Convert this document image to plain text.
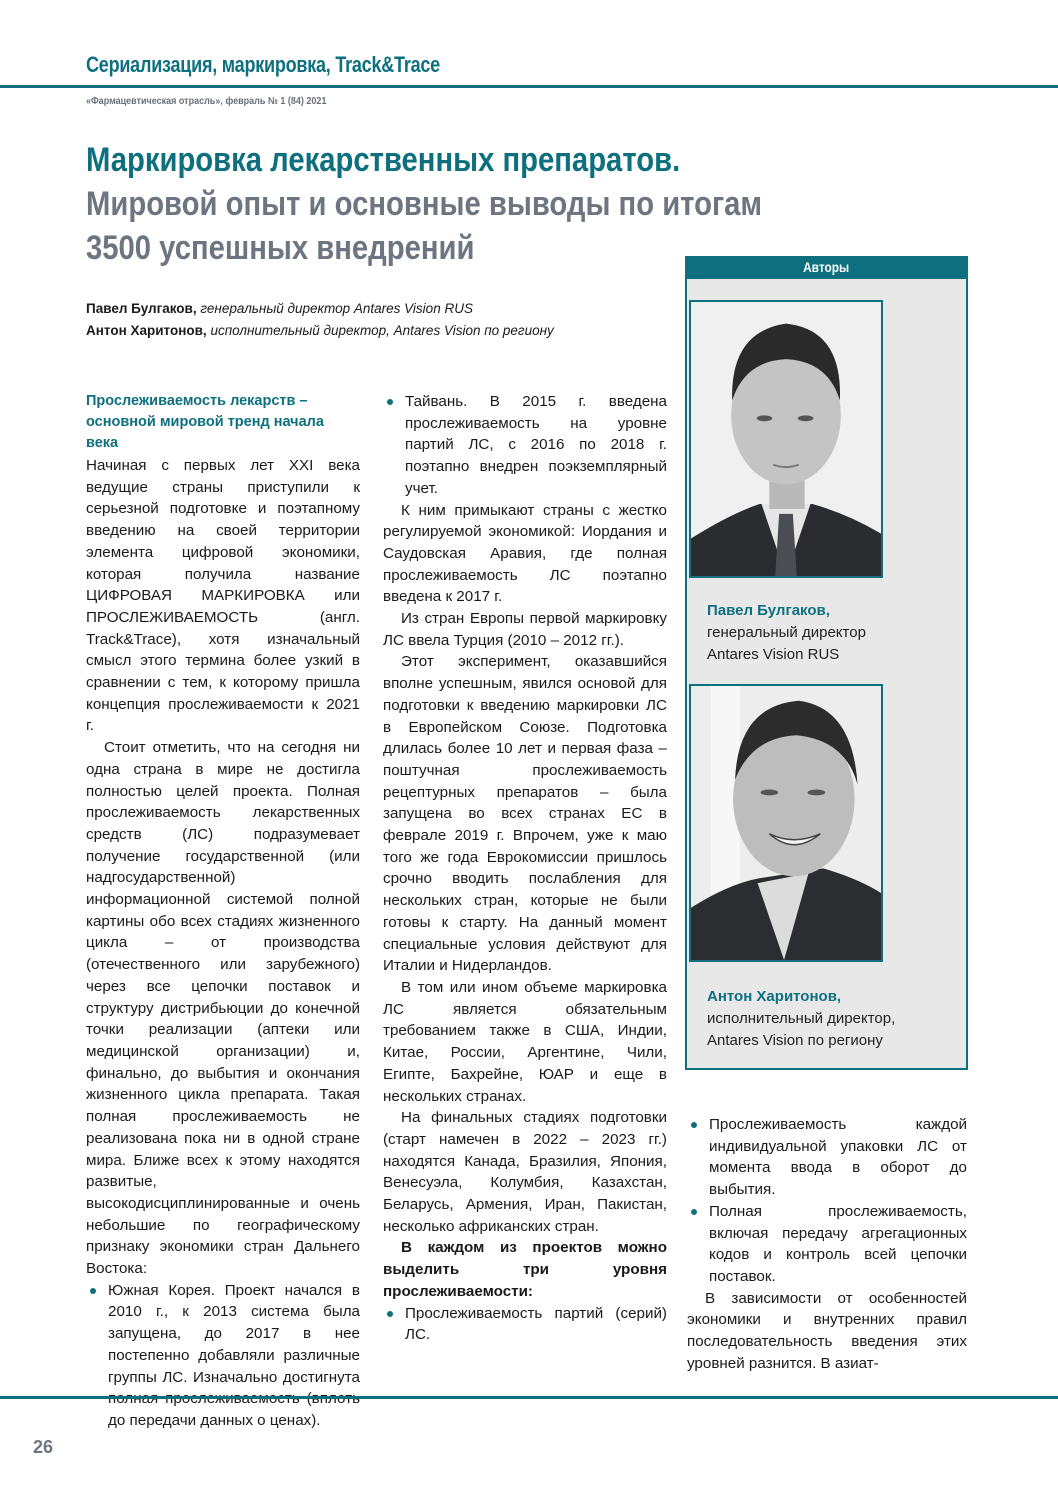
Сериализация, маркировка, Track&Trace
«Фармацевтическая отрасль», февраль № 1 (84) 2021
Маркировка лекарственных препаратов.
Мировой опыт и основные выводы по итогам
3500 успешных внедрений
Павел Булгаков, генеральный директор Antares Vision RUS
Антон Харитонов, исполнительный директор, Antares Vision по региону
Прослеживаемость лекарств – основной мировой тренд начала века

Начиная с первых лет XXI века ведущие страны приступили к серьезной подготовке и поэтапному введению на своей территории элемента цифровой экономики, которая получила название ЦИФРОВАЯ МАРКИРОВКА или ПРОСЛЕЖИВАЕМОСТЬ (англ. Track&Trace), хотя изначальный смысл этого термина более узкий в сравнении с тем, к которому пришла концепция прослеживаемости к 2021 г.

Стоит отметить, что на сегодня ни одна страна в мире не достигла полностью целей проекта. Полная прослеживаемость лекарственных средств (ЛС) подразумевает получение государственной (или надгосударственной) информационной системой полной картины обо всех стадиях жизненного цикла – от производства (отечественного или зарубежного) через все цепочки поставок и структуру дистрибьюции до конечной точки реализации (аптеки или медицинской организации) и, финально, до выбытия и окончания жизненного цикла препарата. Такая полная прослеживаемость не реализована пока ни в одной стране мира. Ближе всех к этому находятся развитые, высокодисциплинированные и очень небольшие по географическому признаку экономики стран Дальнего Востока:

Южная Корея. Проект начался в 2010 г., к 2013 система была запущена, до 2017 в нее постепенно добавляли различные группы ЛС. Изначально достигнута до передачи данных о ценах).
Тайвань. В 2015 г. введена прослеживаемость на уровне партий ЛС, с 2016 по 2018 г. поэтапно внедрен поэкземплярный учет.

К ним примыкают страны с жестко регулируемой экономикой: Иордания и Саудовская Аравия, где полная прослеживаемость ЛС поэтапно введена к 2017 г.

Из стран Европы первой маркировку ЛС ввела Турция (2010 – 2012 гг.).

Этот эксперимент, оказавшийся вполне успешным, явился основой для подготовки к введению маркировки ЛС в Европейском Союзе. Подготовка длилась более 10 лет и первая фаза – поштучная прослеживаемость рецептурных препаратов – была запущена во всех странах ЕС в феврале 2019 г. Впрочем, уже к маю того же года Еврокомиссии пришлось срочно вводить послабления для нескольких стран, которые не были готовы к старту. На данный момент специальные условия действуют для Италии и Нидерландов.

В том или ином объеме маркировка ЛС является обязательным требованием также в США, Индии, Китае, России, Аргентине, Чили, Египте, Бахрейне, ЮАР и еще в нескольких странах.

На финальных стадиях подготовки (старт намечен в 2022 – 2023 гг.) находятся Канада, Бразилия, Япония, Венесуэла, Колумбия, Казахстан, Беларусь, Армения, Иран, Пакистан, несколько африканских стран.

В каждом из проектов можно выделить три уровня прослеживаемости:

Прослеживаемость партий (серий) ЛС.
Авторы
Павел Булгаков,
генеральный директор
Antares Vision RUS
Антон Харитонов,
исполнительный директор,
Antares Vision по региону
Прослеживаемость каждой индивидуальной упаковки ЛС от момента ввода в оборот до выбытия.
Полная прослеживаемость, включая передачу агрегационных кодов и контроль всей цепочки поставок.

В зависимости от особенностей экономики и внутренних правил последовательность введения этих уровней разнится. В азиат-

26
